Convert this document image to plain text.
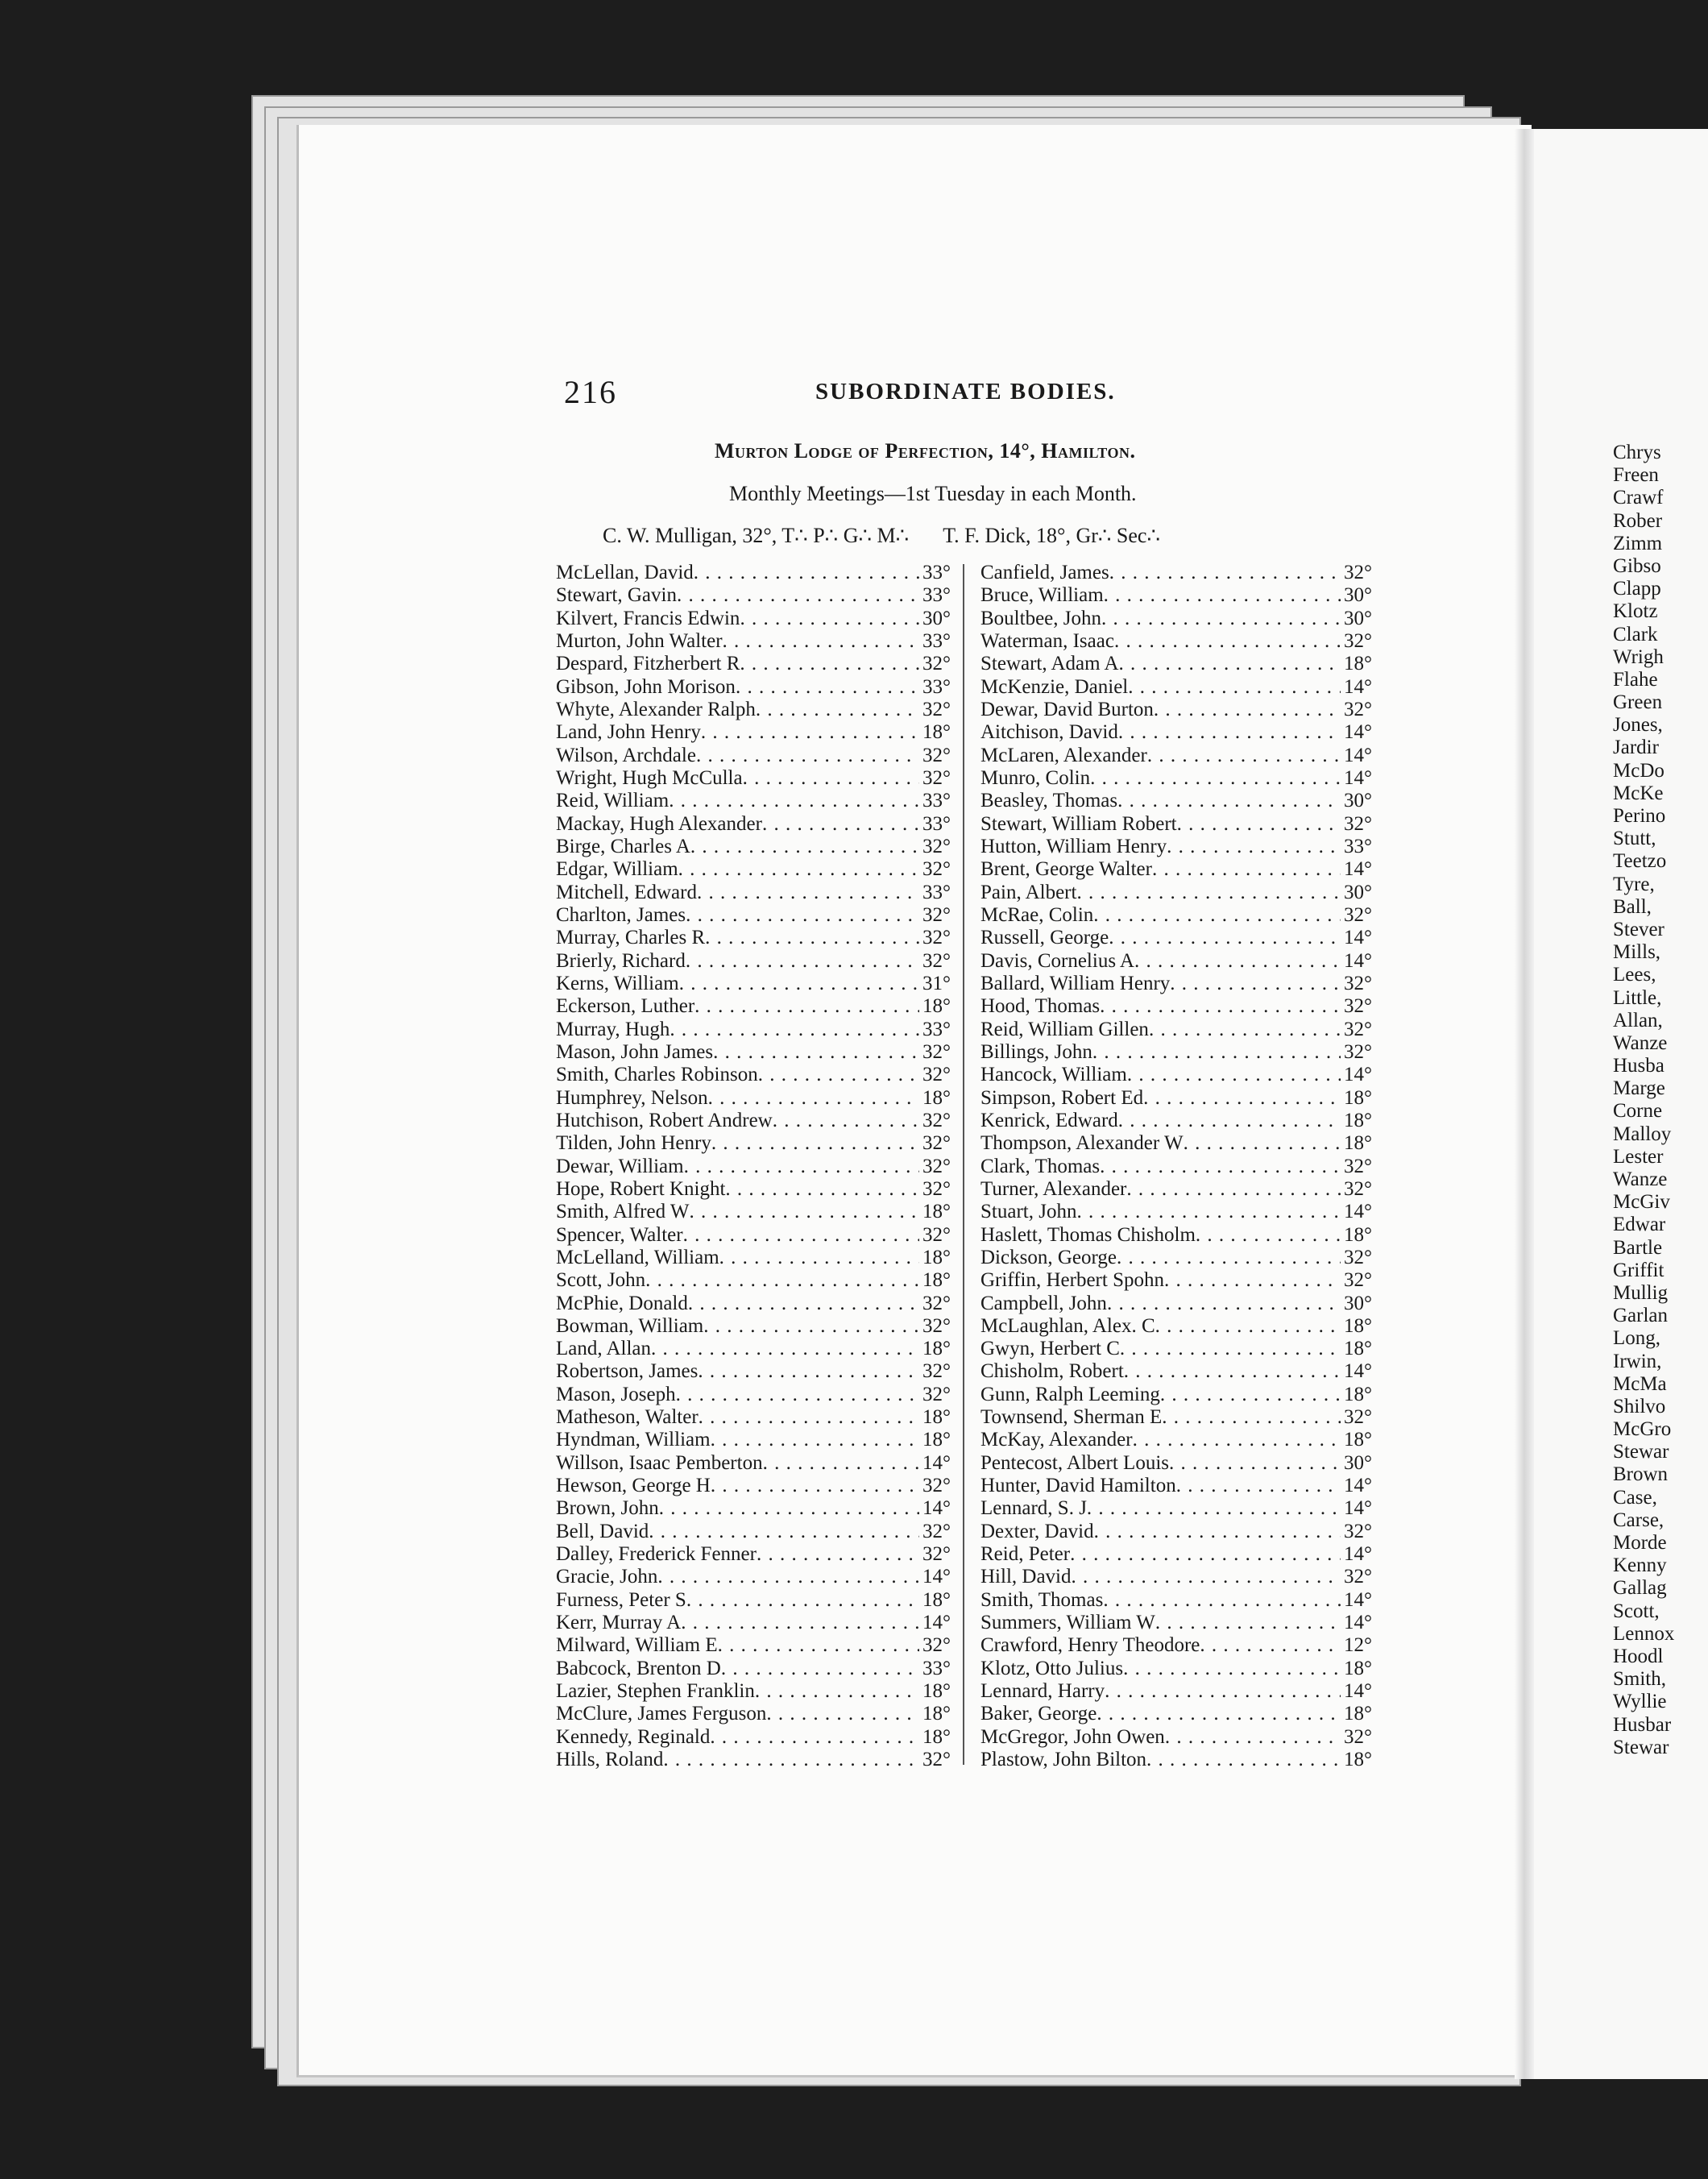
216	SUBORDINATE BODIES.
Murton Lodge of Perfection, 14°, Hamilton.
Monthly Meetings—1st Tuesday in each Month.
C. W. Mulligan, 32°, T∴ P∴ G∴ M∴ T. F. Dick, 18°, Gr∴ Sec∴
McLellan, David . . .	33°
Stewart, Gavin . . .	33°
Kilvert, Francis Edwin . . .	30°
Murton, John Walter . . .	33°
Despard, Fitzherbert R . . .	32°
Gibson, John Morison . . .	33°
Whyte, Alexander Ralph . . .	32°
Land, John Henry . . .	18°
Wilson, Archdale . . .	32°
Wright, Hugh McCulla . . .	32°
Reid, William . . .	33°
Mackay, Hugh Alexander . . .	33°
Birge, Charles A . . .	32°
Edgar, William . . .	32°
Mitchell, Edward . . .	33°
Charlton, James . . .	32°
Murray, Charles R . . .	32°
Brierly, Richard . . .	32°
Kerns, William . . .	31°
Eckerson, Luther . . .	18°
Murray, Hugh . . .	33°
Mason, John James . . .	32°
Smith, Charles Robinson . . .	32°
Humphrey, Nelson . . .	18°
Hutchison, Robert Andrew . . .	32°
Tilden, John Henry . . .	32°
Dewar, William . . .	32°
Hope, Robert Knight . . .	32°
Smith, Alfred W . . .	18°
Spencer, Walter . . .	32°
McLelland, William . . .	18°
Scott, John . . .	18°
McPhie, Donald . . .	32°
Bowman, William . . .	32°
Land, Allan . . .	18°
Robertson, James . . .	32°
Mason, Joseph . . .	32°
Matheson, Walter . . .	18°
Hyndman, William . . .	18°
Willson, Isaac Pemberton . . .	14°
Hewson, George H . . .	32°
Brown, John . . .	14°
Bell, David . . .	32°
Dalley, Frederick Fenner . . .	32°
Gracie, John . . .	14°
Furness, Peter S . . .	18°
Kerr, Murray A . . .	14°
Milward, William E . . .	32°
Babcock, Brenton D . . .	33°
Lazier, Stephen Franklin . . .	18°
McClure, James Ferguson . . .	18°
Kennedy, Reginald . . .	18°
Hills, Roland . . .	32°
Canfield, James . . .	32°
Bruce, William . . .	30°
Boultbee, John . . .	30°
Waterman, Isaac . . .	32°
Stewart, Adam A . . .	18°
McKenzie, Daniel . . .	14°
Dewar, David Burton . . .	32°
Aitchison, David . . .	14°
McLaren, Alexander . . .	14°
Munro, Colin . . .	14°
Beasley, Thomas . . .	30°
Stewart, William Robert . . .	32°
Hutton, William Henry . . .	33°
Brent, George Walter . . .	14°
Pain, Albert . . .	30°
McRae, Colin . . .	32°
Russell, George . . .	14°
Davis, Cornelius A . . .	14°
Ballard, William Henry . . .	32°
Hood, Thomas . . .	32°
Reid, William Gillen . . .	32°
Billings, John . . .	32°
Hancock, William . . .	14°
Simpson, Robert Ed . . .	18°
Kenrick, Edward . . .	18°
Thompson, Alexander W . . .	18°
Clark, Thomas . . .	32°
Turner, Alexander . . .	32°
Stuart, John . . .	14°
Haslett, Thomas Chisholm . . .	18°
Dickson, George . . .	32°
Griffin, Herbert Spohn . . .	32°
Campbell, John . . .	30°
McLaughlan, Alex. C . . .	18°
Gwyn, Herbert C . . .	18°
Chisholm, Robert . . .	14°
Gunn, Ralph Leeming . . .	18°
Townsend, Sherman E . . .	32°
McKay, Alexander . . .	18°
Pentecost, Albert Louis . . .	30°
Hunter, David Hamilton . . .	14°
Lennard, S. J . . .	14°
Dexter, David . . .	32°
Reid, Peter . . .	14°
Hill, David . . .	32°
Smith, Thomas . . .	14°
Summers, William W . . .	14°
Crawford, Henry Theodore . . .	12°
Klotz, Otto Julius . . .	18°
Lennard, Harry . . .	14°
Baker, George . . .	18°
McGregor, John Owen . . .	32°
Plastow, John Bilton . . .	18°
Chrys
Freen
Crawf
Rober
Zimm
Gibso
Clapp
Klotz
Clark
Wrigh
Flahe
Green
Jones,
Jardir
McDo
McKe
Perino
Stutt,
Teetzo
Tyre,
Ball,
Stever
Mills,
Lees,
Little,
Allan,
Wanze
Husba
Marge
Corne
Malloy
Lester
Wanze
McGiv
Edwar
Bartle
Griffit
Mullig
Garlan
Long,
Irwin,
McMa
Shilvo
McGro
Stewar
Brown
Case,
Carse,
Morde
Kenny
Gallag
Scott,
Lennox
Hoodl
Smith,
Wyllie
Husbar
Stewar
